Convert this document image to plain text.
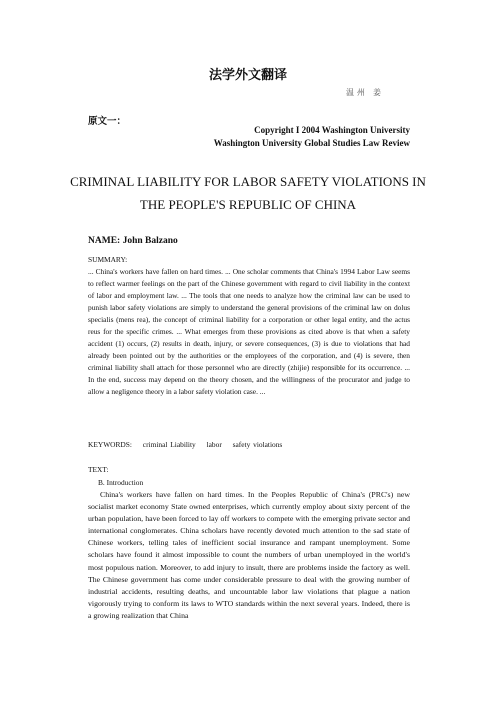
法学外文翻译
温州 姜
原文一：
Copyright I 2004 Washington University
Washington University Global Studies Law Review
CRIMINAL LIABILITY FOR LABOR SAFETY VIOLATIONS IN
THE PEOPLE'S REPUBLIC OF CHINA
NAME: John Balzano
SUMMARY:
... China's workers have fallen on hard times. ... One scholar comments that China's 1994 Labor Law seems to reflect warmer feelings on the part of the Chinese government with regard to civil liability in the context of labor and employment law. ... The tools that one needs to analyze how the criminal law can be used to punish labor safety violations are simply to understand the general provisions of the criminal law on dolus specialis (mens rea), the concept of criminal liability for a corporation or other legal entity, and the actus reus for the specific crimes. ... What emerges from these provisions as cited above is that when a safety accident (1) occurs, (2) results in death, injury, or severe consequences, (3) is due to violations that had already been pointed out by the authorities or the employees of the corporation, and (4) is severe, then criminal liability shall attach for those personnel who are directly (zhijie) responsible for its occurrence. ... In the end, success may depend on the theory chosen, and the willingness of the procurator and judge to allow a negligence theory in a labor safety violation case. ...
KEYWORDS: criminal Liability labor safety violations
TEXT:
B. Introduction
China's workers have fallen on hard times. In the Peoples Republic of China's (PRC's) new socialist market economy State owned enterprises, which currently employ about sixty percent of the urban population, have been forced to lay off workers to compete with the emerging private sector and international conglomerates. China scholars have recently devoted much attention to the sad state of Chinese workers, telling tales of inefficient social insurance and rampant unemployment. Some scholars have found it almost impossible to count the numbers of urban unemployed in the world's most populous nation. Moreover, to add injury to insult, there are problems inside the factory as well. The Chinese government has come under considerable pressure to deal with the growing number of industrial accidents, resulting deaths, and uncountable labor law violations that plague a nation vigorously trying to conform its laws to WTO standards within the next several years. Indeed, there is a growing realization that China
